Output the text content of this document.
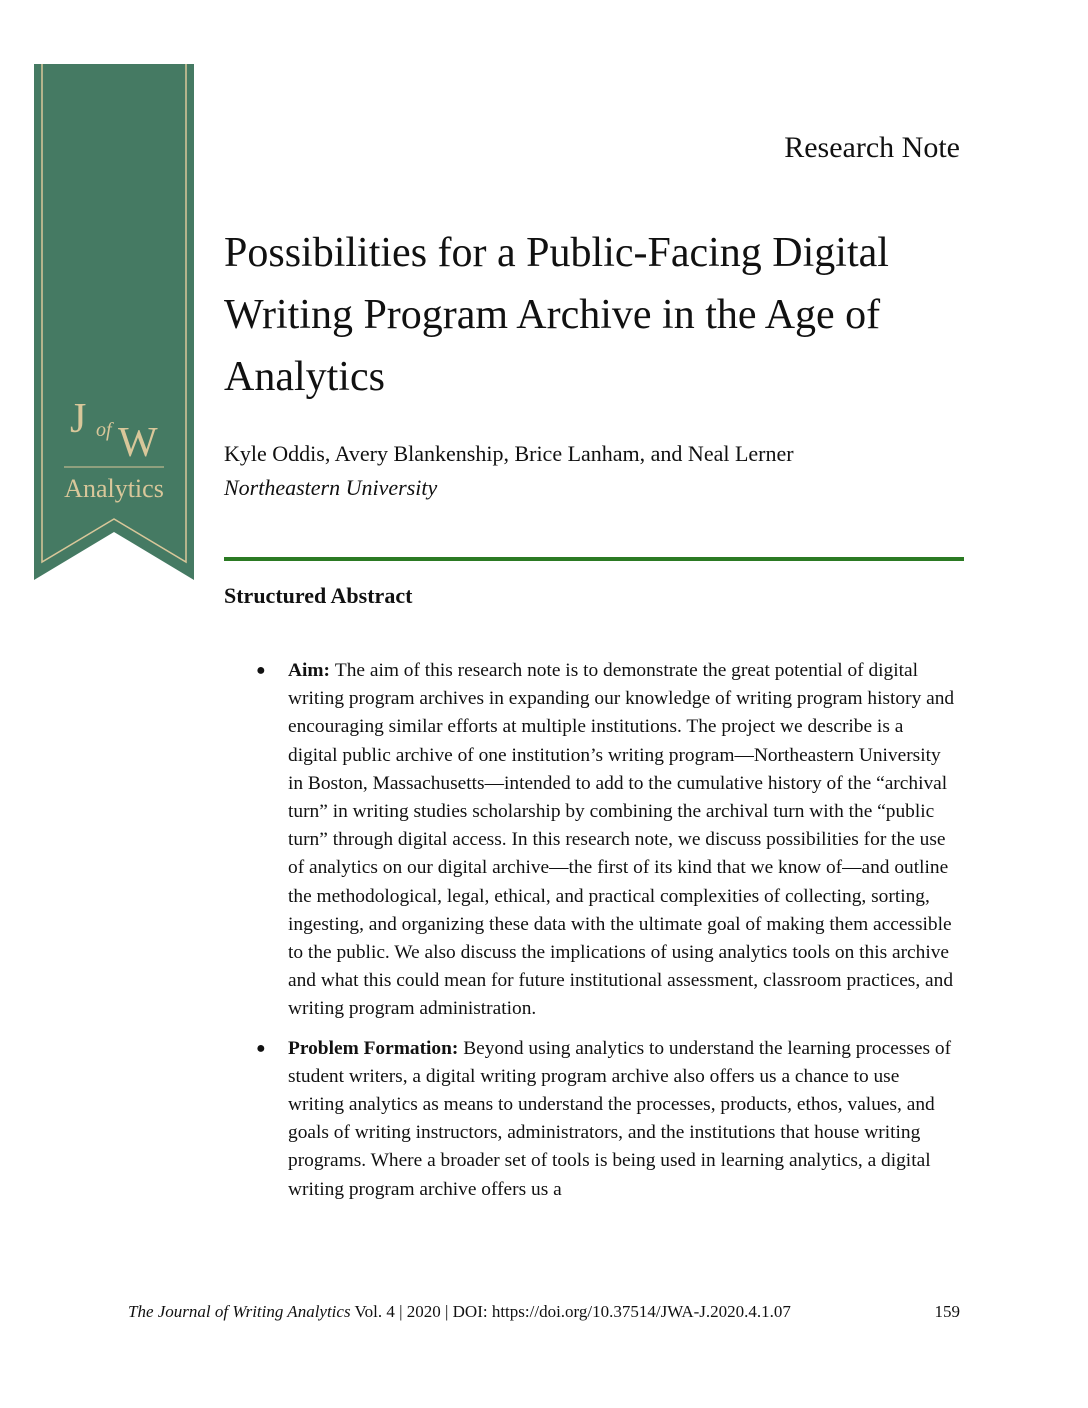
J of W
Analytics
Research Note
Possibilities for a Public-Facing Digital Writing Program Archive in the Age of Analytics
Kyle Oddis, Avery Blankenship, Brice Lanham, and Neal Lerner
Northeastern University
Structured Abstract
● Aim: The aim of this research note is to demonstrate the great potential of digital writing program archives in expanding our knowledge of writing program history and encouraging similar efforts at multiple institutions. The project we describe is a digital public archive of one institution’s writing program—Northeastern University in Boston, Massachusetts—intended to add to the cumulative history of the “archival turn” in writing studies scholarship by combining the archival turn with the “public turn” through digital access. In this research note, we discuss possibilities for the use of analytics on our digital archive—the first of its kind that we know of—and outline the methodological, legal, ethical, and practical complexities of collecting, sorting, ingesting, and organizing these data with the ultimate goal of making them accessible to the public. We also discuss the implications of using analytics tools on this archive and what this could mean for future institutional assessment, classroom practices, and writing program administration.
● Problem Formation: Beyond using analytics to understand the learning processes of student writers, a digital writing program archive also offers us a chance to use writing analytics as means to understand the processes, products, ethos, values, and goals of writing instructors, administrators, and the institutions that house writing programs. Where a broader set of tools is being used in learning analytics, a digital writing program archive offers us a
The Journal of Writing Analytics Vol. 4 | 2020 | DOI: https://doi.org/10.37514/JWA-J.2020.4.1.07	159
